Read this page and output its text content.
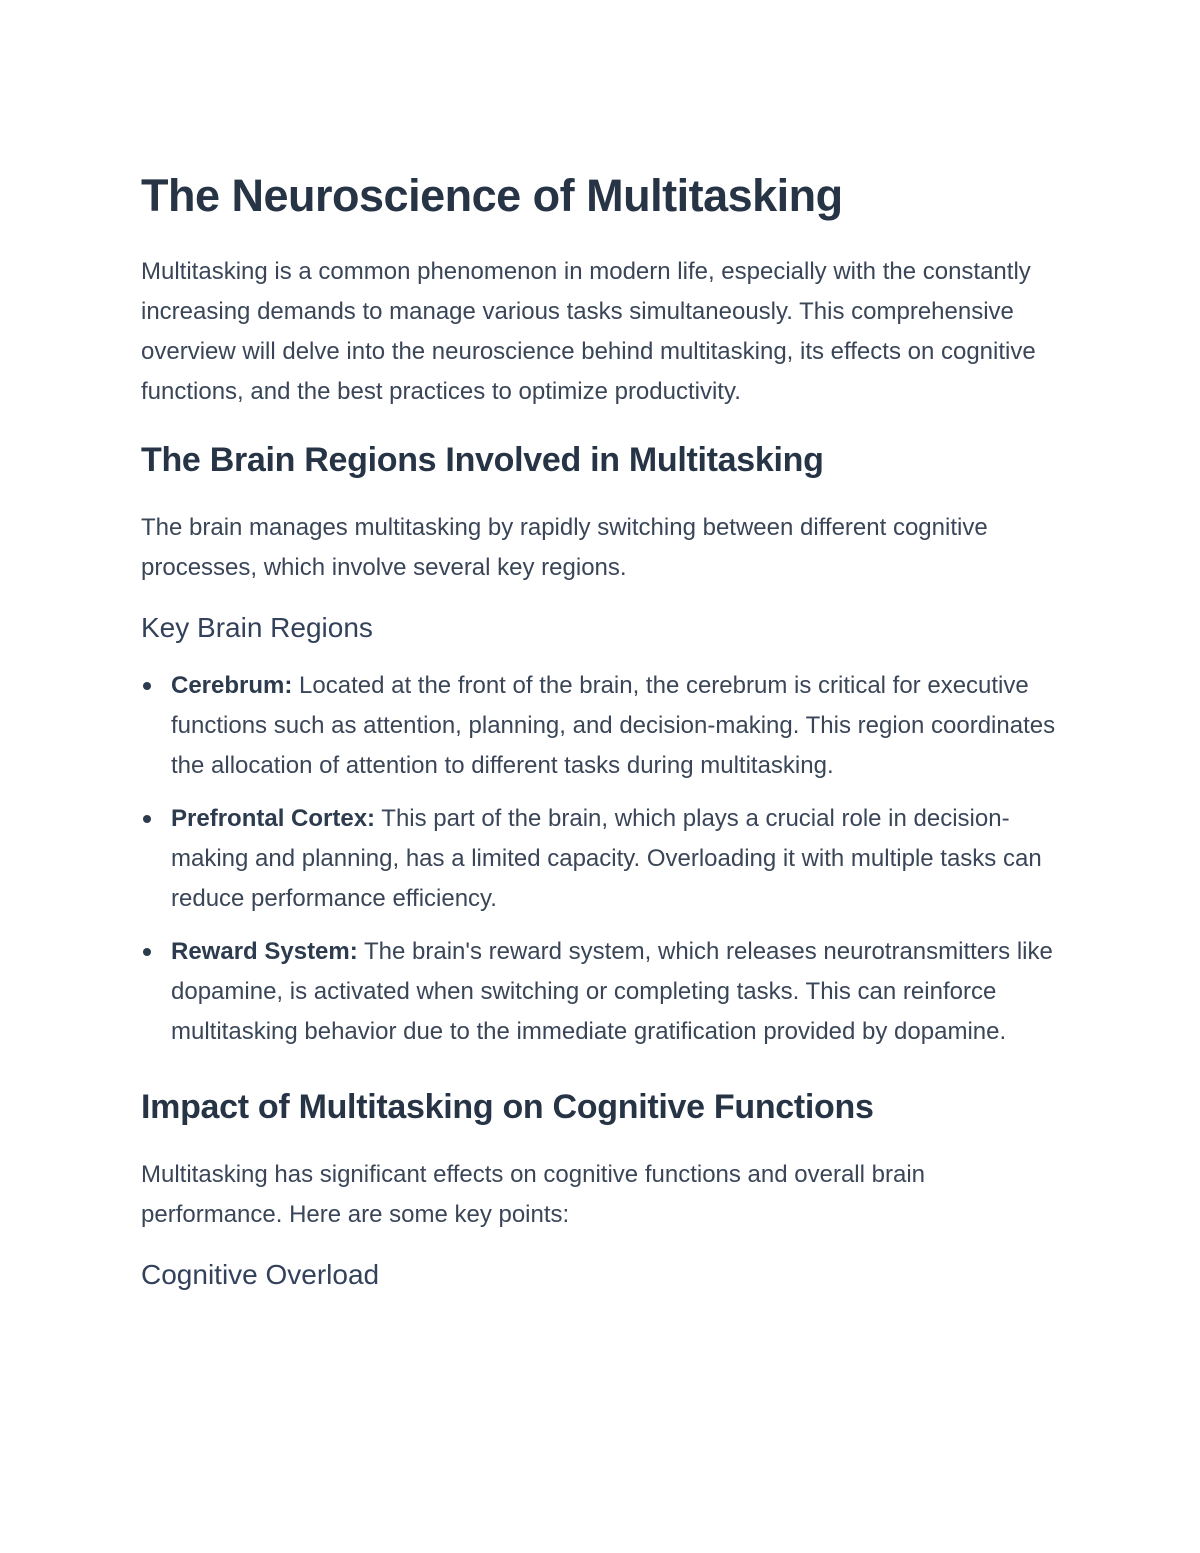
The Neuroscience of Multitasking

Multitasking is a common phenomenon in modern life, especially with the constantly increasing demands to manage various tasks simultaneously. This comprehensive overview will delve into the neuroscience behind multitasking, its effects on cognitive functions, and the best practices to optimize productivity.

The Brain Regions Involved in Multitasking

The brain manages multitasking by rapidly switching between different cognitive processes, which involve several key regions.

Key Brain Regions
Cerebrum: Located at the front of the brain, the cerebrum is critical for executive functions such as attention, planning, and decision-making. This region coordinates the allocation of attention to different tasks during multitasking.
Prefrontal Cortex: This part of the brain, which plays a crucial role in decision-making and planning, has a limited capacity. Overloading it with multiple tasks can reduce performance efficiency.
Reward System: The brain's reward system, which releases neurotransmitters like dopamine, is activated when switching or completing tasks. This can reinforce multitasking behavior due to the immediate gratification provided by dopamine.
Impact of Multitasking on Cognitive Functions

Multitasking has significant effects on cognitive functions and overall brain performance. Here are some key points:

Cognitive Overload
